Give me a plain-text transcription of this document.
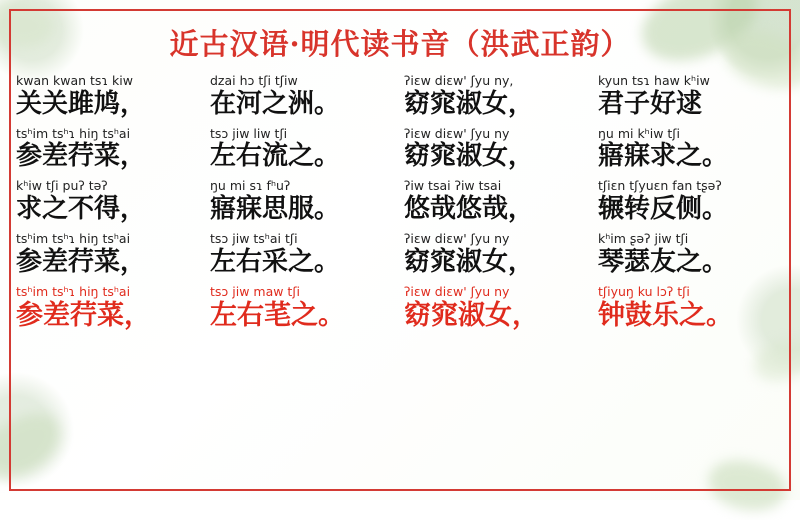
近古汉语·明代读书音（洪武正韵）
kwan kwan tsɿ kiw
关关雎鸠，
dzai hɔ tʃi tʃiw
在河之洲。
ʔiɛw diɛw' ʃyu ny,
窈窕淑女，
kyun tsɿ haw kʰiw
君子好逑
tsʰim tsʰɿ hiŋ tsʰai
参差荇菜，
tsɔ jiw liw tʃi
左右流之。
ʔiɛw diɛw' ʃyu ny
窈窕淑女，
ŋu mi kʰiw tʃi
寤寐求之。
kʰiw tʃi puʔ təʔ
求之不得，
ŋu mi sɿ fʰuʔ
寤寐思服。
ʔiw tsai ʔiw tsai
悠哉悠哉，
tʃiɛn tʃyuɛn fan tʂəʔ
辗转反侧。
tsʰim tsʰɿ hiŋ tsʰai
参差荇菜，
tsɔ jiw tsʰai tʃi
左右采之。
ʔiɛw diɛw' ʃyu ny
窈窕淑女，
kʰim ʂəʔ jiw tʃi
琴瑟友之。
tsʰim tsʰɿ hiŋ tsʰai
参差荇菜，
tsɔ jiw maw tʃi
左右芼之。
ʔiɛw diɛw' ʃyu ny
窈窕淑女，
tʃiyuŋ ku lɔʔ tʃi
钟鼓乐之。
